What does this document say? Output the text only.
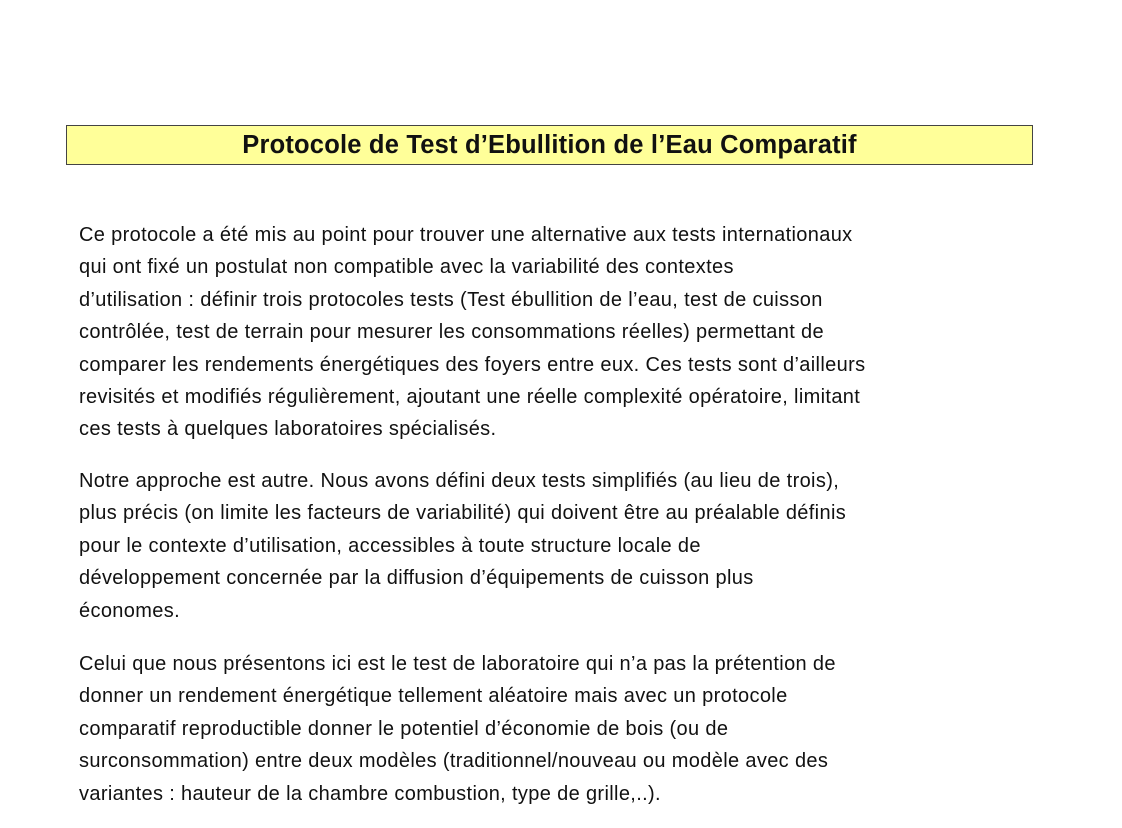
Protocole de Test d’Ebullition de l’Eau Comparatif

Ce protocole a été mis au point pour trouver une alternative aux tests internationaux
qui ont fixé un postulat non compatible avec la variabilité des contextes
d’utilisation : définir trois protocoles tests (Test ébullition de l’eau, test de cuisson
contrôlée, test de terrain pour mesurer les consommations réelles) permettant de
comparer les rendements énergétiques des foyers entre eux. Ces tests sont d’ailleurs
revisités et modifiés régulièrement, ajoutant une réelle complexité opératoire, limitant
ces tests à quelques laboratoires spécialisés.

Notre approche est autre. Nous avons défini deux tests simplifiés (au lieu de trois),
plus précis (on limite les facteurs de variabilité) qui doivent être au préalable définis
pour le contexte d’utilisation, accessibles à toute structure locale de
développement concernée par la diffusion d’équipements de cuisson plus
économes.

Celui que nous présentons ici est le test de laboratoire qui n’a pas la prétention de
donner un rendement énergétique tellement aléatoire mais avec un protocole
comparatif reproductible donner le potentiel d’économie de bois (ou de
surconsommation) entre deux modèles (traditionnel/nouveau ou modèle avec des
variantes : hauteur de la chambre combustion, type de grille,..).
